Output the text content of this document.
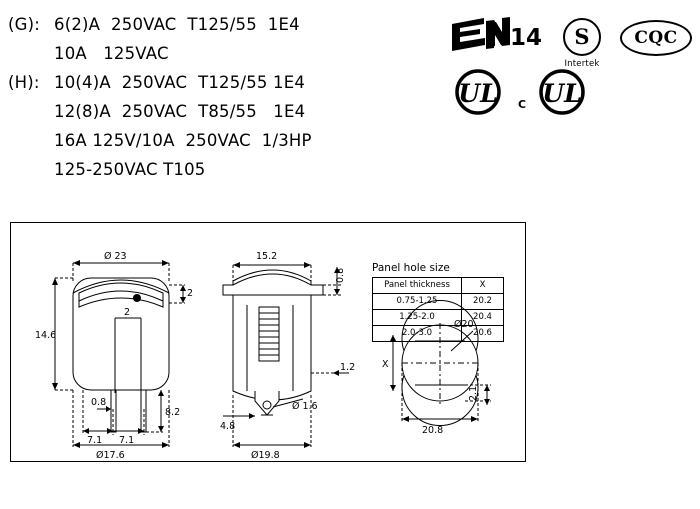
(G): 6(2)A  250VAC  T125/55  1E4
10A   125VAC
(H): 10(4)A  250VAC  T125/55 1E4
12(8)A  250VAC  T85/55   1E4
16A 125V/10A  250VAC  1/3HP
125-250VAC T105
14	S
Intertek
CQC
UL UL
C
Ø 23
14.6
2
2
0.8
7.1 7.1
8.2
Ø17.6
15.2
0.8
1.2
4.8
Ø 1.6
Ø19.8
Ø20
X
2.1
20.8
Panel hole size
Panel thickness	X
0.75-1.25	20.2
1.25-2.0	20.4
2.0-3.0	20.6
